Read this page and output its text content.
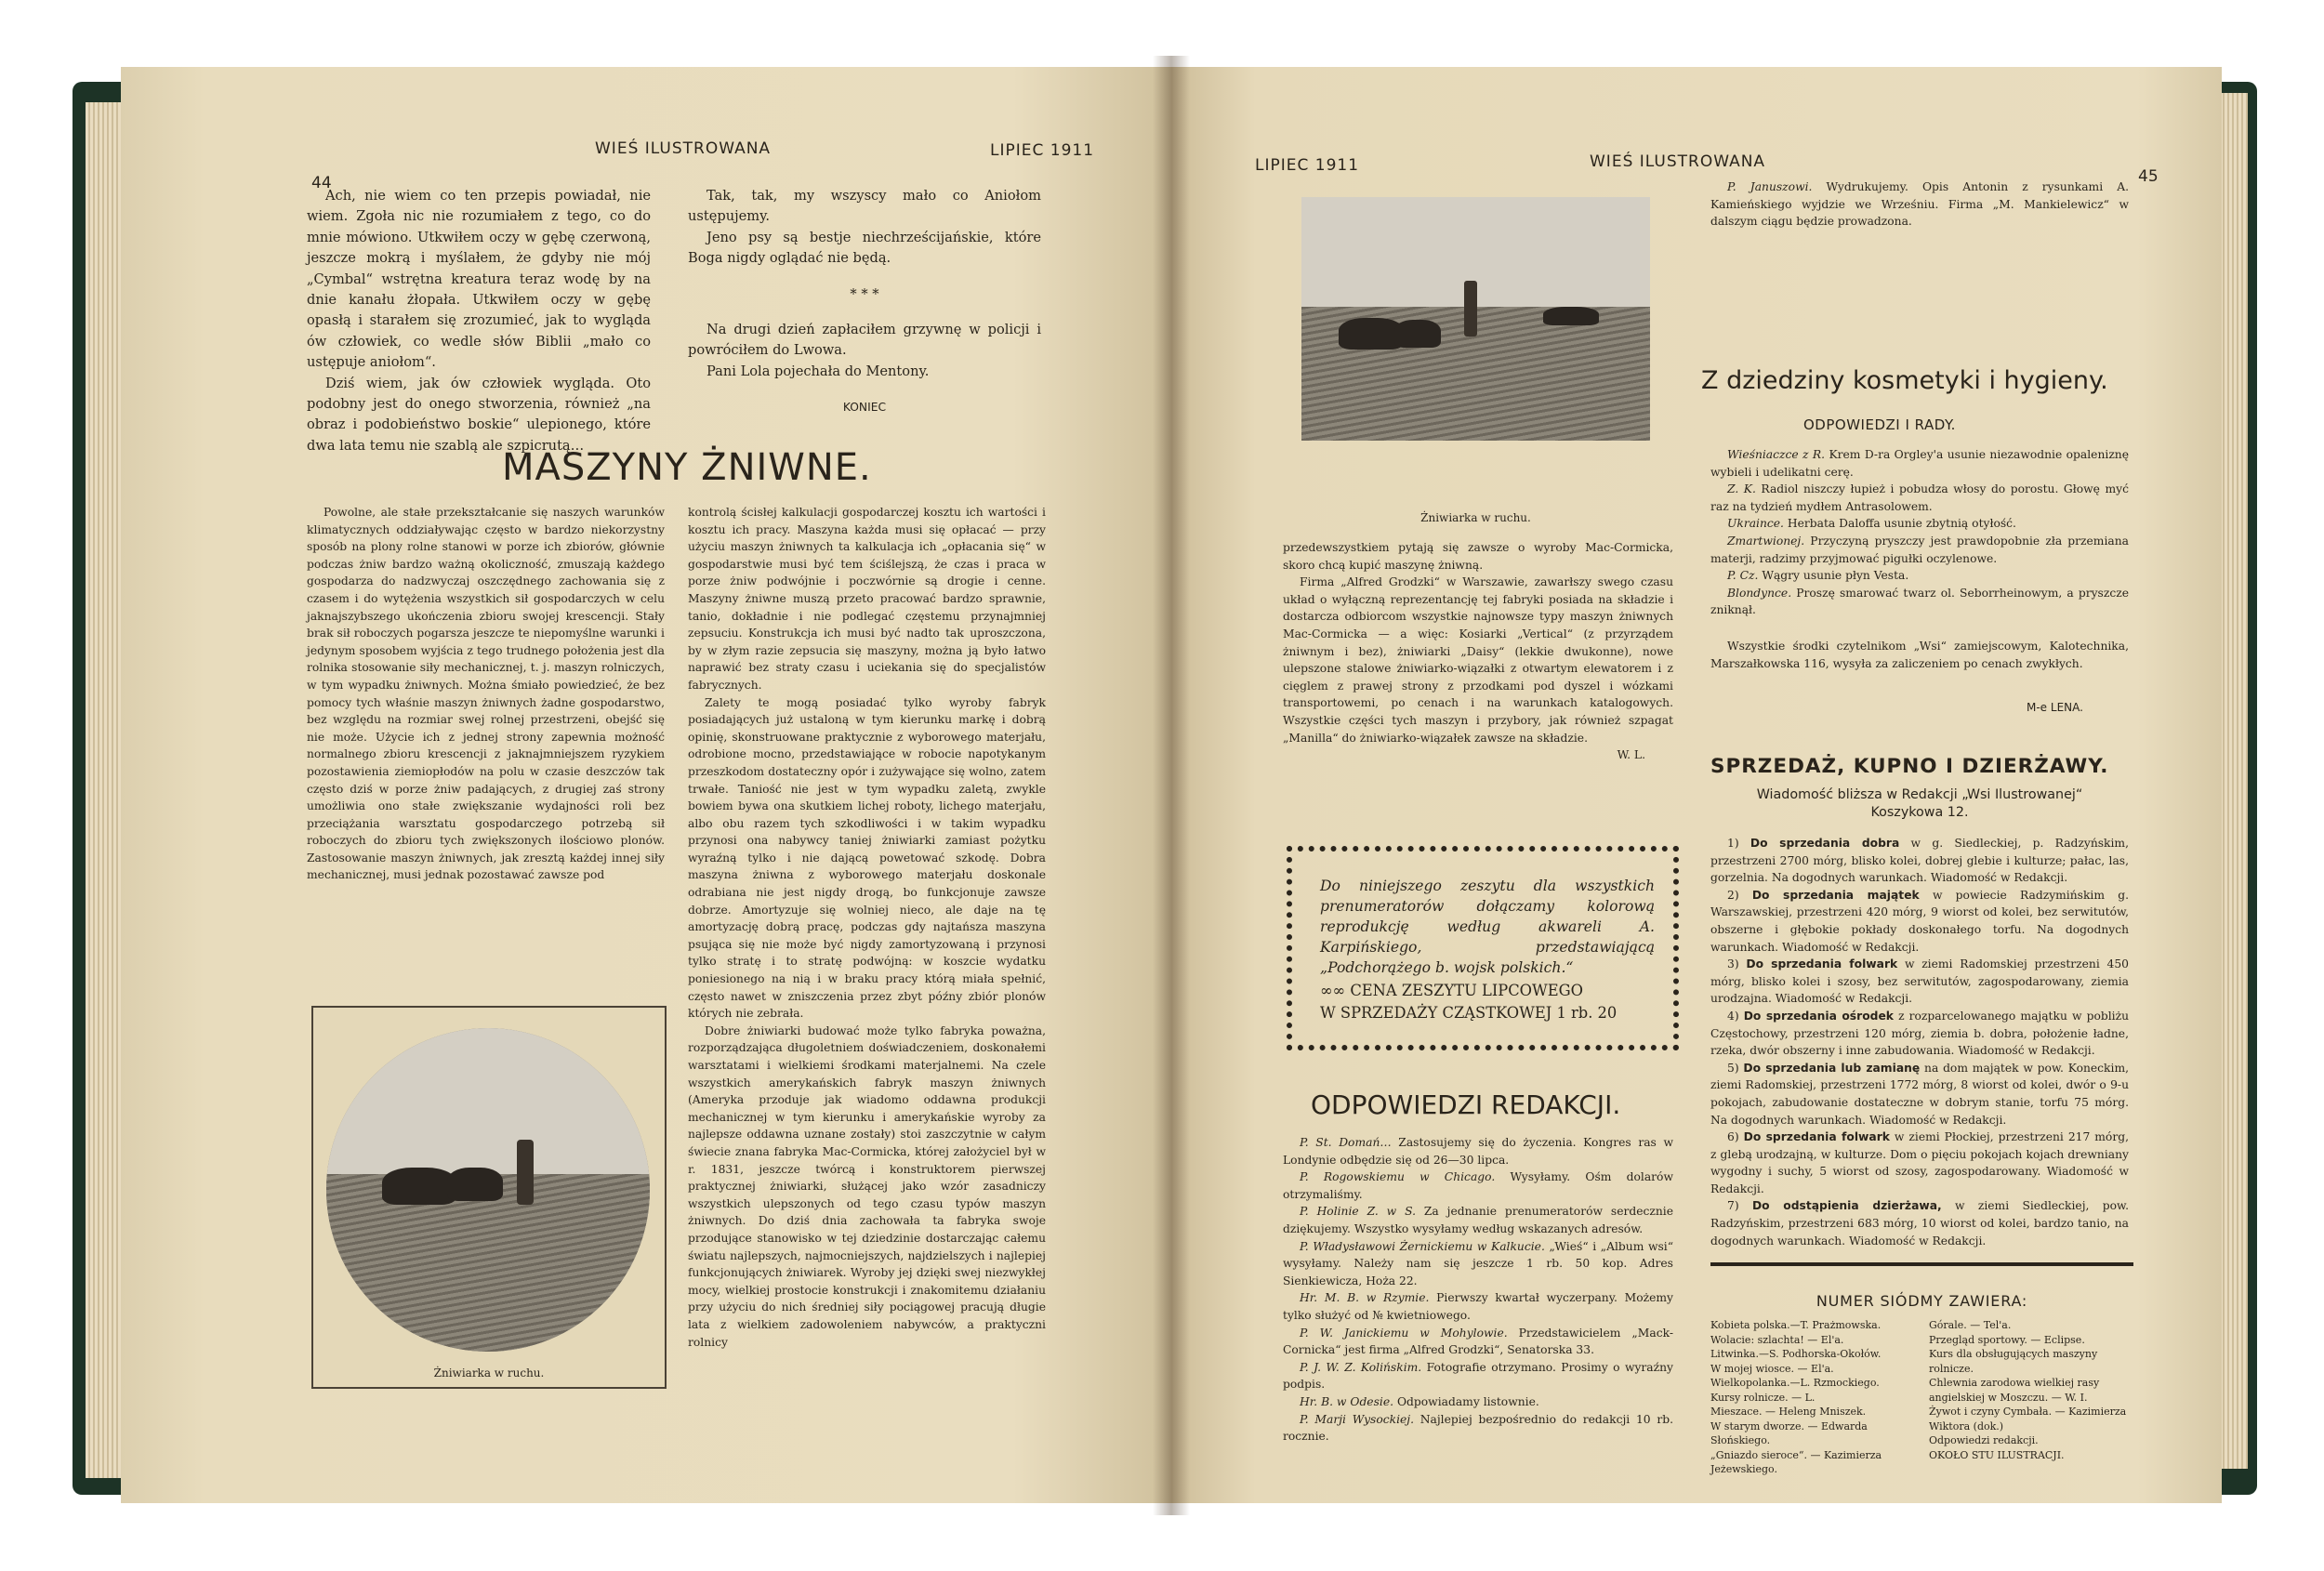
44
WIEŚ ILUSTROWANA	LIPIEC 1911

Ach, nie wiem co ten przepis powiadał, nie wiem. Zgoła nic nie rozumiałem z tego, co do mnie mówiono. Utkwiłem oczy w gębę czerwoną, jeszcze mokrą i myślałem, że gdyby nie mój „Cymbal“ wstrętna kreatura teraz wodę by na dnie kanału żłopała. Utkwiłem oczy w gębę opasłą i starałem się zrozumieć, jak to wygląda ów człowiek, co wedle słów Biblii „mało co ustępuje aniołom“.

Dziś wiem, jak ów człowiek wygląda. Oto podobny jest do onego stworzenia, również „na obraz i podobieństwo boskie“ ulepionego, które dwa lata temu nie szablą ale szpicrutą…

Tak, tak, my wszyscy mało co Aniołom ustępujemy.

Jeno psy są bestje niechrześcijańskie, które Boga nigdy oglądać nie będą.

* * *

Na drugi dzień zapłaciłem grzywnę w policji i powróciłem do Lwowa.

Pani Lola pojechała do Mentony.

KONIEC

MASZYNY ŻNIWNE.

Powolne, ale stałe przekształcanie się naszych warunków klimatycznych oddziaływając często w bardzo niekorzystny sposób na plony rolne stanowi w porze ich zbiorów, głównie podczas żniw bardzo ważną okoliczność, zmuszają każdego gospodarza do nadzwyczaj oszczędnego zachowania się z czasem i do wytężenia wszystkich sił gospodarczych w celu jaknajszybszego ukończenia zbioru swojej krescencji. Stały brak sił roboczych pogarsza jeszcze te niepomyślne warunki i jedynym sposobem wyjścia z tego trudnego położenia jest dla rolnika stosowanie siły mechanicznej, t. j. maszyn rolniczych, w tym wypadku żniwnych. Można śmiało powiedzieć, że bez pomocy tych właśnie maszyn żniwnych żadne gospodarstwo, bez względu na rozmiar swej rolnej przestrzeni, obejść się nie może. Użycie ich z jednej strony zapewnia możność normalnego zbioru krescencji z jaknajmniejszem ryzykiem pozostawienia ziemiopłodów na polu w czasie deszczów tak często dziś w porze żniw padających, z drugiej zaś strony umożliwia ono stałe zwiększanie wydajności roli bez przeciążania warsztatu gospodarczego potrzebą sił roboczych do zbioru tych zwiększonych ilościowo plonów. Zastosowanie maszyn żniwnych, jak zresztą każdej innej siły mechanicznej, musi jednak pozostawać zawsze pod

kontrolą ścisłej kalkulacji gospodarczej kosztu ich wartości i kosztu ich pracy. Maszyna każda musi się opłacać — przy użyciu maszyn żniwnych ta kalkulacja ich „opłacania się“ w gospodarstwie musi być tem ściślejszą, że czas i praca w porze żniw podwójnie i poczwórnie są drogie i cenne. Maszyny żniwne muszą przeto pracować bardzo sprawnie, tanio, dokładnie i nie podlegać częstemu przynajmniej zepsuciu. Konstrukcja ich musi być nadto tak uproszczona, by w złym razie zepsucia się maszyny, można ją było łatwo naprawić bez straty czasu i uciekania się do specjalistów fabrycznych.

Zalety te mogą posiadać tylko wyroby fabryk posiadających już ustaloną w tym kierunku markę i dobrą opinię, skonstruowane praktycznie z wyborowego materjału, odrobione mocno, przedstawiające w robocie napotykanym przeszkodom dostateczny opór i zużywające się wolno, zatem trwałe. Taniość nie jest w tym wypadku zaletą, zwykle bowiem bywa ona skutkiem lichej roboty, lichego materjału, albo obu razem tych szkodliwości i w takim wypadku przynosi ona nabywcy taniej żniwiarki zamiast pożytku wyraźną tylko i nie dającą powetować szkodę. Dobra maszyna żniwna z wyborowego materjału doskonale odrabiana nie jest nigdy drogą, bo funkcjonuje zawsze dobrze. Amortyzuje się wolniej nieco, ale daje na tę amortyzację dobrą pracę, podczas gdy najtańsza maszyna psująca się nie może być nigdy zamortyzowaną i przynosi tylko stratę i to stratę podwójną: w koszcie wydatku poniesionego na nią i w braku pracy którą miała spełnić, często nawet w zniszczenia przez zbyt późny zbiór plonów których nie zebrała.

Dobre żniwiarki budować może tylko fabryka poważna, rozporządzająca długoletniem doświadczeniem, doskonałemi warsztatami i wielkiemi środkami materjalnemi. Na czele wszystkich amerykańskich fabryk maszyn żniwnych (Ameryka przoduje jak wiadomo oddawna produkcji mechanicznej w tym kierunku i amerykańskie wyroby za najlepsze oddawna uznane zostały) stoi zaszczytnie w całym świecie znana fabryka Mac-Cormicka, której założyciel był w r. 1831, jeszcze twórcą i konstruktorem pierwszej praktycznej żniwiarki, służącej jako wzór zasadniczy wszystkich ulepszonych od tego czasu typów maszyn żniwnych. Do dziś dnia zachowała ta fabryka swoje przodujące stanowisko w tej dziedzinie dostarczając całemu światu najlepszych, najmocniejszych, najdzielszych i najlepiej funkcjonujących żniwiarek. Wyroby jej dzięki swej niezwykłej mocy, wielkiej prostocie konstrukcji i znakomitemu działaniu przy użyciu do nich średniej siły pociągowej pracują długie lata z wielkiem zadowoleniem nabywców, a praktyczni rolnicy

Żniwiarka w ruchu.
LIPIEC 1911	WIEŚ ILUSTROWANA
45
Żniwiarka w ruchu.

przedewszystkiem pytają się zawsze o wyroby Mac-Cormicka, skoro chcą kupić maszynę żniwną.

Firma „Alfred Grodzki“ w Warszawie, zawarłszy swego czasu układ o wyłączną reprezentancję tej fabryki posiada na składzie i dostarcza odbiorcom wszystkie najnowsze typy maszyn żniwnych Mac-Cormicka — a więc: Kosiarki „Vertical“ (z przyrządem żniwnym i bez), żniwiarki „Daisy“ (lekkie dwukonne), nowe ulepszone stalowe żniwiarko-wiązałki z otwartym elewatorem i z cięglem z prawej strony z przodkami pod dyszel i wózkami transportowemi, po cenach i na warunkach katalogowych. Wszystkie części tych maszyn i przybory, jak również szpagat „Manilla“ do żniwiarko-wiązałek zawsze na składzie.

W. L.

Do niniejszego zeszytu dla wszystkich prenumeratorów dołączamy kolorową reprodukcję według akwareli A. Karpińskiego, przedstawiającą „Podchorążego b. wojsk polskich.“
∞∞ CENA ZESZYTU LIPCOWEGO
W SPRZEDAŻY CZĄSTKOWEJ 1 rb. 20
ODPOWIEDZI REDAKCJI.

P. St. Domań… Zastosujemy się do życzenia. Kongres ras w Londynie odbędzie się od 26—30 lipca.

P. Rogowskiemu w Chicago. Wysyłamy. Ośm dolarów otrzymaliśmy.

P. Holinie Z. w S. Za jednanie prenumeratorów serdecznie dziękujemy. Wszystko wysyłamy według wskazanych adresów.

P. Władysławowi Żernickiemu w Kalkucie. „Wieś“ i „Album wsi“ wysyłamy. Należy nam się jeszcze 1 rb. 50 kop. Adres Sienkiewicza, Hoża 22.

Hr. M. B. w Rzymie. Pierwszy kwartał wyczerpany. Możemy tylko służyć od № kwietniowego.

P. W. Janickiemu w Mohylowie. Przedstawicielem „Mack-Cornicka“ jest firma „Alfred Grodzki“, Senatorska 33.

P. J. W. Z. Kolińskim. Fotografie otrzymano. Prosimy o wyraźny podpis.

Hr. B. w Odesie. Odpowiadamy listownie.

P. Marji Wysockiej. Najlepiej bezpośrednio do redakcji 10 rb. rocznie.

P. Januszowi. Wydrukujemy. Opis Antonin z rysunkami A. Kamieńskiego wyjdzie we Wrześniu. Firma „M. Mankielewicz“ w dalszym ciągu będzie prowadzona.

Z dziedziny kosmetyki i hygieny.
ODPOWIEDZI I RADY.

Wieśniaczce z R. Krem D-ra Orgley'a usunie niezawodnie opaleniznę wybieli i udelikatni cerę.

Z. K. Radiol niszczy łupież i pobudza włosy do porostu. Głowę myć raz na tydzień mydłem Antrasolowem.

Ukraince. Herbata Daloffa usunie zbytnią otyłość.

Zmartwionej. Przyczyną pryszczy jest prawdopobnie zła przemiana materji, radzimy przyjmować pigułki oczylenowe.

P. Cz. Wągry usunie płyn Vesta.

Blondynce. Proszę smarować twarz ol. Seborrheinowym, a pryszcze zniknął.

Wszystkie środki czytelnikom „Wsi“ zamiejscowym, Kalotechnika, Marszałkowska 116, wysyła za zaliczeniem po cenach zwykłych.
M-e LENA.
SPRZEDAŻ, KUPNO I DZIERŻAWY.
Wiadomość bliższa w Redakcji „Wsi Ilustrowanej“ Koszykowa 12.

1) Do sprzedania dobra w g. Siedleckiej, p. Radzyńskim, przestrzeni 2700 mórg, blisko kolei, dobrej glebie i kulturze; pałac, las, gorzelnia. Na dogodnych warunkach. Wiadomość w Redakcji.

2) Do sprzedania majątek w powiecie Radzymińskim g. Warszawskiej, przestrzeni 420 mórg, 9 wiorst od kolei, bez serwitutów, obszerne i głębokie pokłady doskonałego torfu. Na dogodnych warunkach. Wiadomość w Redakcji.

3) Do sprzedania folwark w ziemi Radomskiej przestrzeni 450 mórg, blisko kolei i szosy, bez serwitutów, zagospodarowany, ziemia urodzajna. Wiadomość w Redakcji.

4) Do sprzedania ośrodek z rozparcelowanego majątku w pobliżu Częstochowy, przestrzeni 120 mórg, ziemia b. dobra, położenie ładne, rzeka, dwór obszerny i inne zabudowania. Wiadomość w Redakcji.

5) Do sprzedania lub zamianę na dom majątek w pow. Koneckim, ziemi Radomskiej, przestrzeni 1772 mórg, 8 wiorst od kolei, dwór o 9-u pokojach, zabudowanie dostateczne w dobrym stanie, torfu 75 mórg. Na dogodnych warunkach. Wiadomość w Redakcji.

6) Do sprzedania folwark w ziemi Płockiej, przestrzeni 217 mórg, z glebą urodzajną, w kulturze. Dom o pięciu pokojach kojach drewniany wygodny i suchy, 5 wiorst od szosy, zagospodarowany. Wiadomość w Redakcji.

7) Do odstąpienia dzierżawa, w ziemi Siedleckiej, pow. Radzyńskim, przestrzeni 683 mórg, 10 wiorst od kolei, bardzo tanio, na dogodnych warunkach. Wiadomość w Redakcji.

NUMER SIÓDMY ZAWIERA:
Kobieta polska.—T. Prażmowska.
Wolacie: szlachta! — El'a.
Litwinka.—S. Podhorska-Okołów.
W mojej wiosce. — El'a.
Wielkopolanka.—L. Rzmockiego.
Kursy rolnicze. — L.
Mieszace. — Heleng Mniszek.
W starym dworze. — Edwarda Słońskiego.
„Gniazdo sieroce“. — Kazimierza Jeżewskiego.
Górale. — Tel'a.
Przegląd sportowy. — Eclipse.
Kurs dla obsługujących maszyny rolnicze.
Chlewnia zarodowa wielkiej rasy angielskiej w Moszczu. — W. I.
Żywot i czyny Cymbała. — Kazimierza Wiktora (dok.)
Odpowiedzi redakcji.
OKOŁO STU ILUSTRACJI.
